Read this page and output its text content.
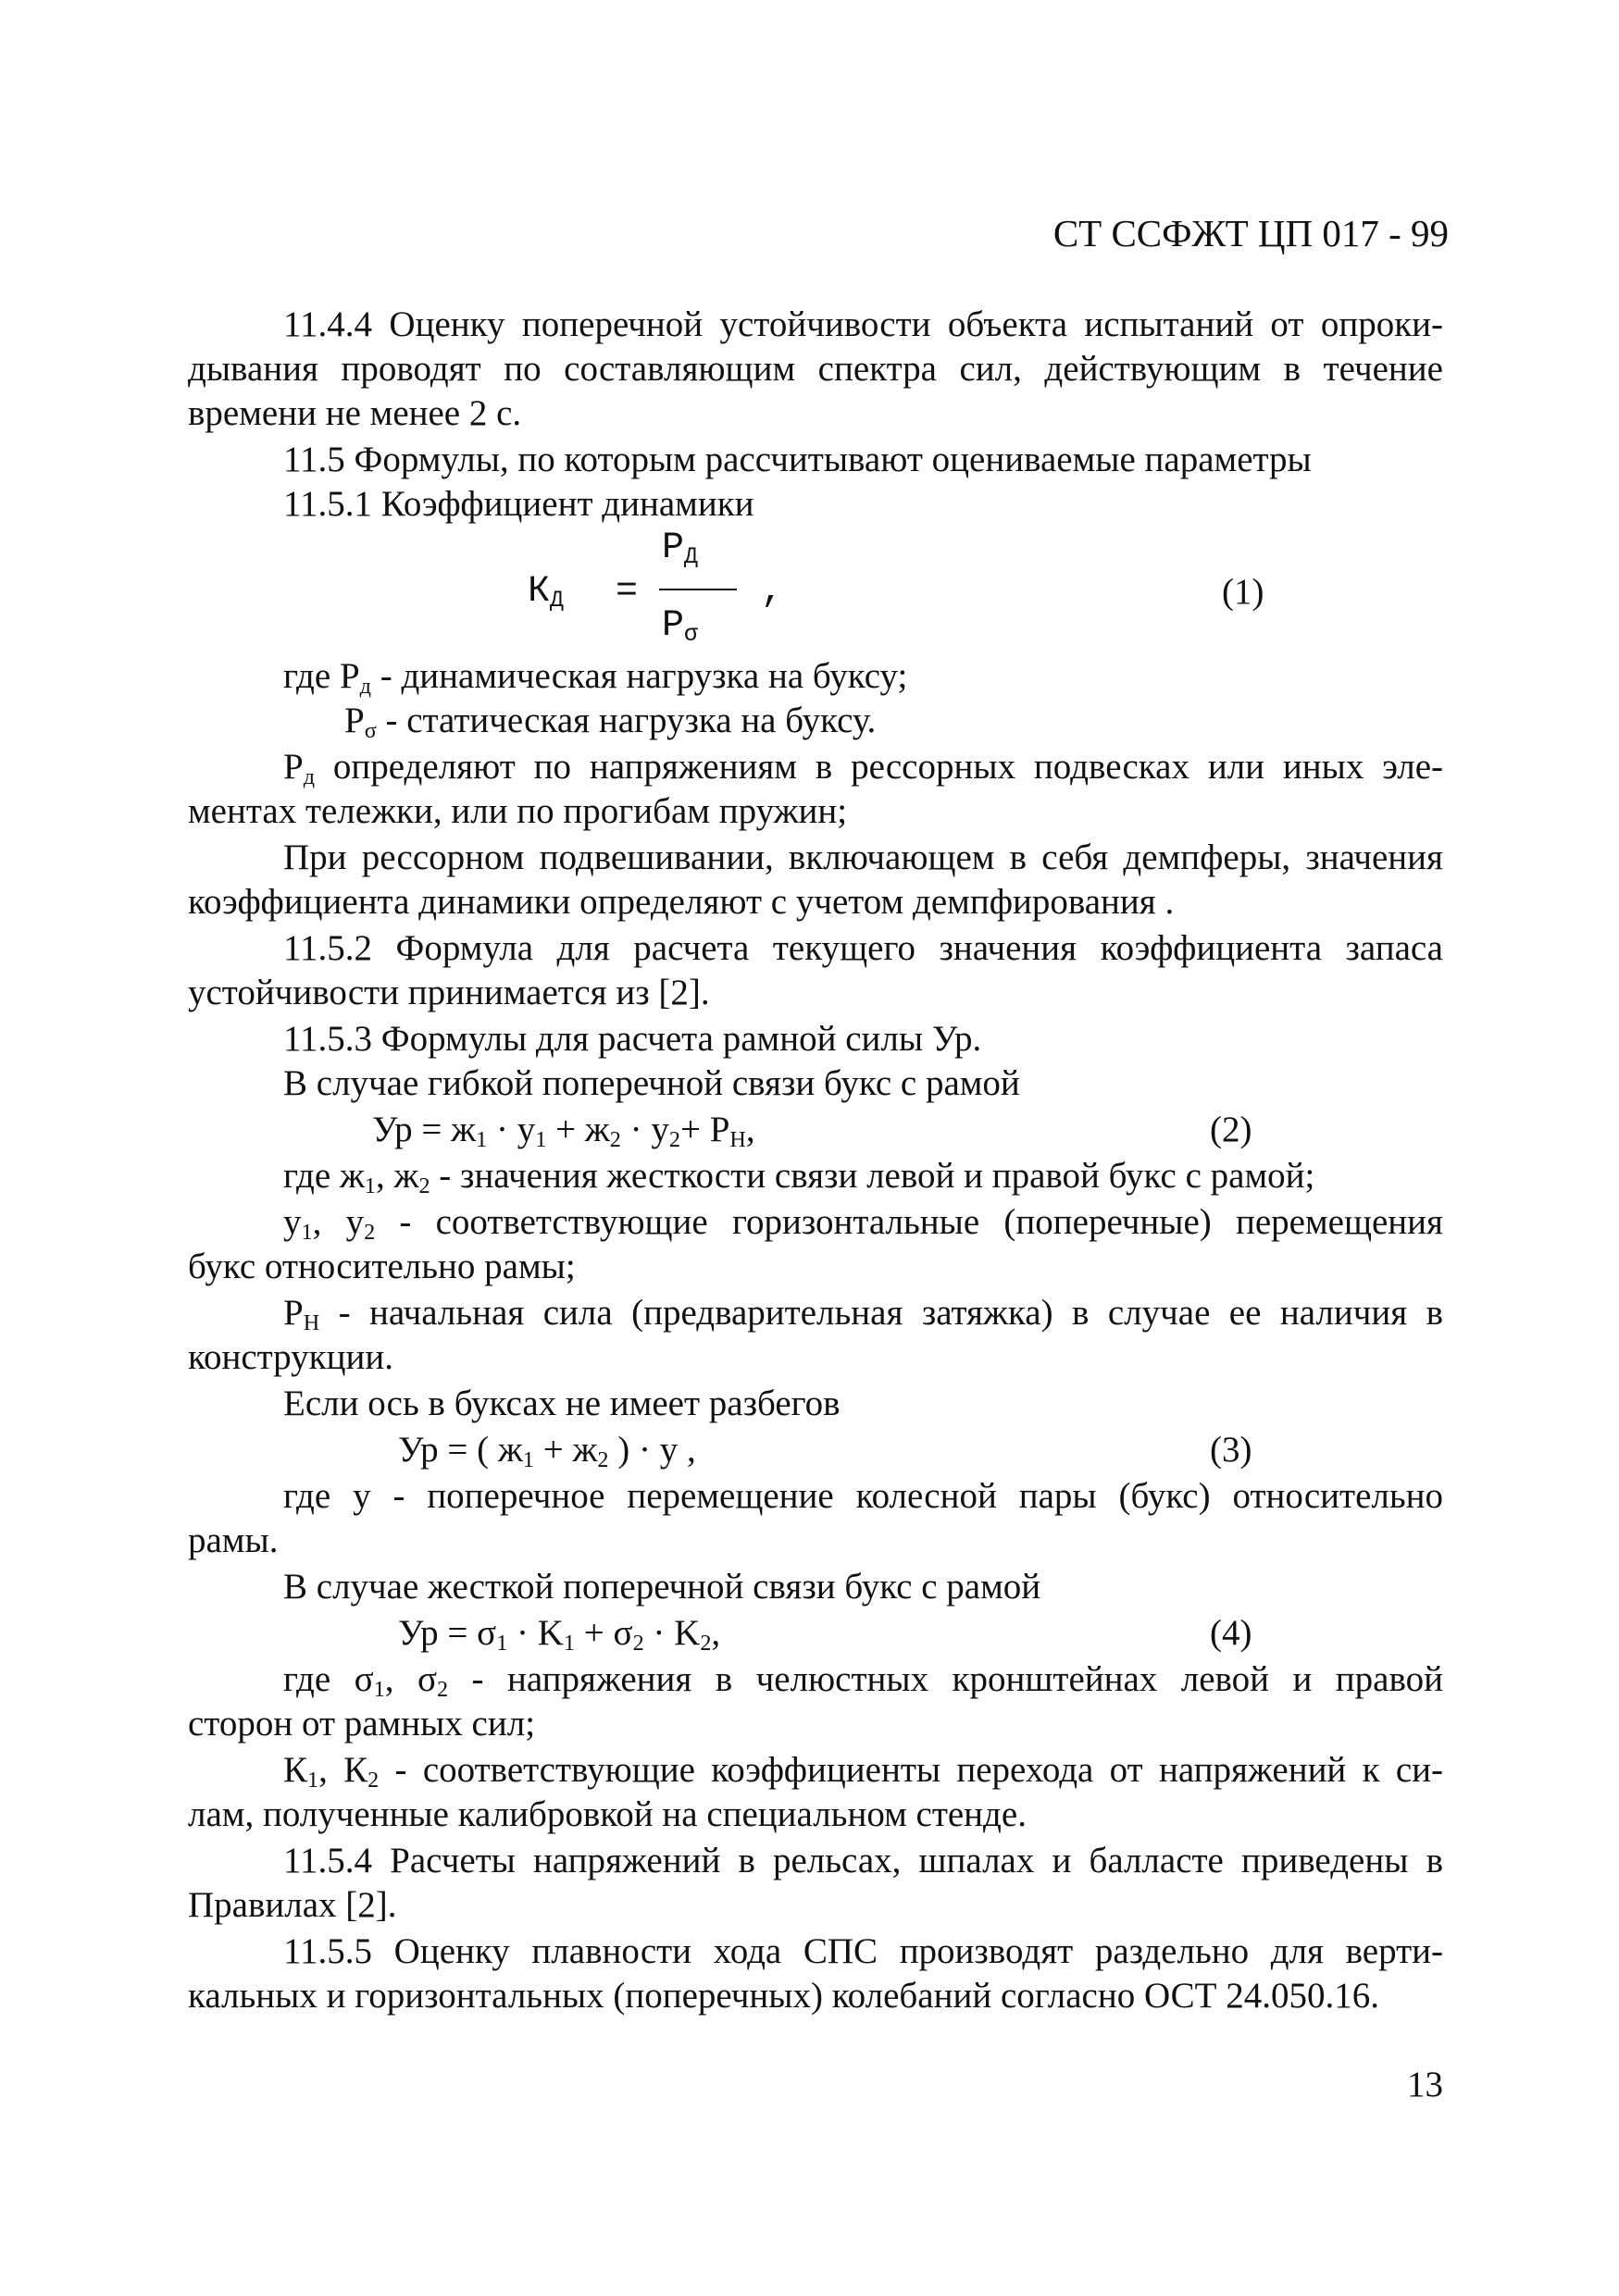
СТ ССФЖТ ЦП 017 - 99
11.4.4 Оценку поперечной устойчивости объекта испытаний от опроки-
дывания проводят по составляющим спектра сил, действующим в течение
времени не менее 2 с.
11.5 Формулы, по которым рассчитывают оцениваемые параметры
11.5.1 Коэффициент динамики
$К_Д$ =
$P_Д$
$P_\sigma$
,	(1)
где $P_д$ - динамическая нагрузка на буксу;
$P_\sigma$ - статическая нагрузка на буксу.
$P_д$ определяют по напряжениям в рессорных подвесках или иных эле-
ментах тележки, или по прогибам пружин;
При рессорном подвешивании, включающем в себя демпферы, значения
коэффициента динамики определяют с учетом демпфирования .
11.5.2 Формула для расчета текущего значения коэффициента запаса
устойчивости принимается из [2].
11.5.3 Формулы для расчета рамной силы Ур.
В случае гибкой поперечной связи букс с рамой
Ур = $ж_1 \cdot у_1 + ж_2 \cdot у_2+ Р_Н$,	(2)
где $ж_1$, $ж_2$ - значения жесткости связи левой и правой букс с рамой;
$у_1$, $у_2$ - соответствующие горизонтальные (поперечные) перемещения
букс относительно рамы;
$Р_Н$ - начальная сила (предварительная затяжка) в случае ее наличия в
конструкции.
Если ось в буксах не имеет разбегов
Ур = ( $ж_1 + ж_2$ ) · у ,	(3)
где у - поперечное перемещение колесной пары (букс) относительно
рамы.
В случае жесткой поперечной связи букс с рамой
Ур = $\sigma_1 \cdot K_1 + \sigma_2 \cdot K_2$,	(4)
где $\sigma_1$, $\sigma_2$ - напряжения в челюстных кронштейнах левой и правой
сторон от рамных сил;
$К_1$, $К_2$ - соответствующие коэффициенты перехода от напряжений к си-
лам, полученные калибровкой на специальном стенде.
11.5.4 Расчеты напряжений в рельсах, шпалах и балласте приведены в
Правилах [2].
11.5.5 Оценку плавности хода СПС производят раздельно для верти-
кальных и горизонтальных (поперечных) колебаний согласно ОСТ 24.050.16.
13
